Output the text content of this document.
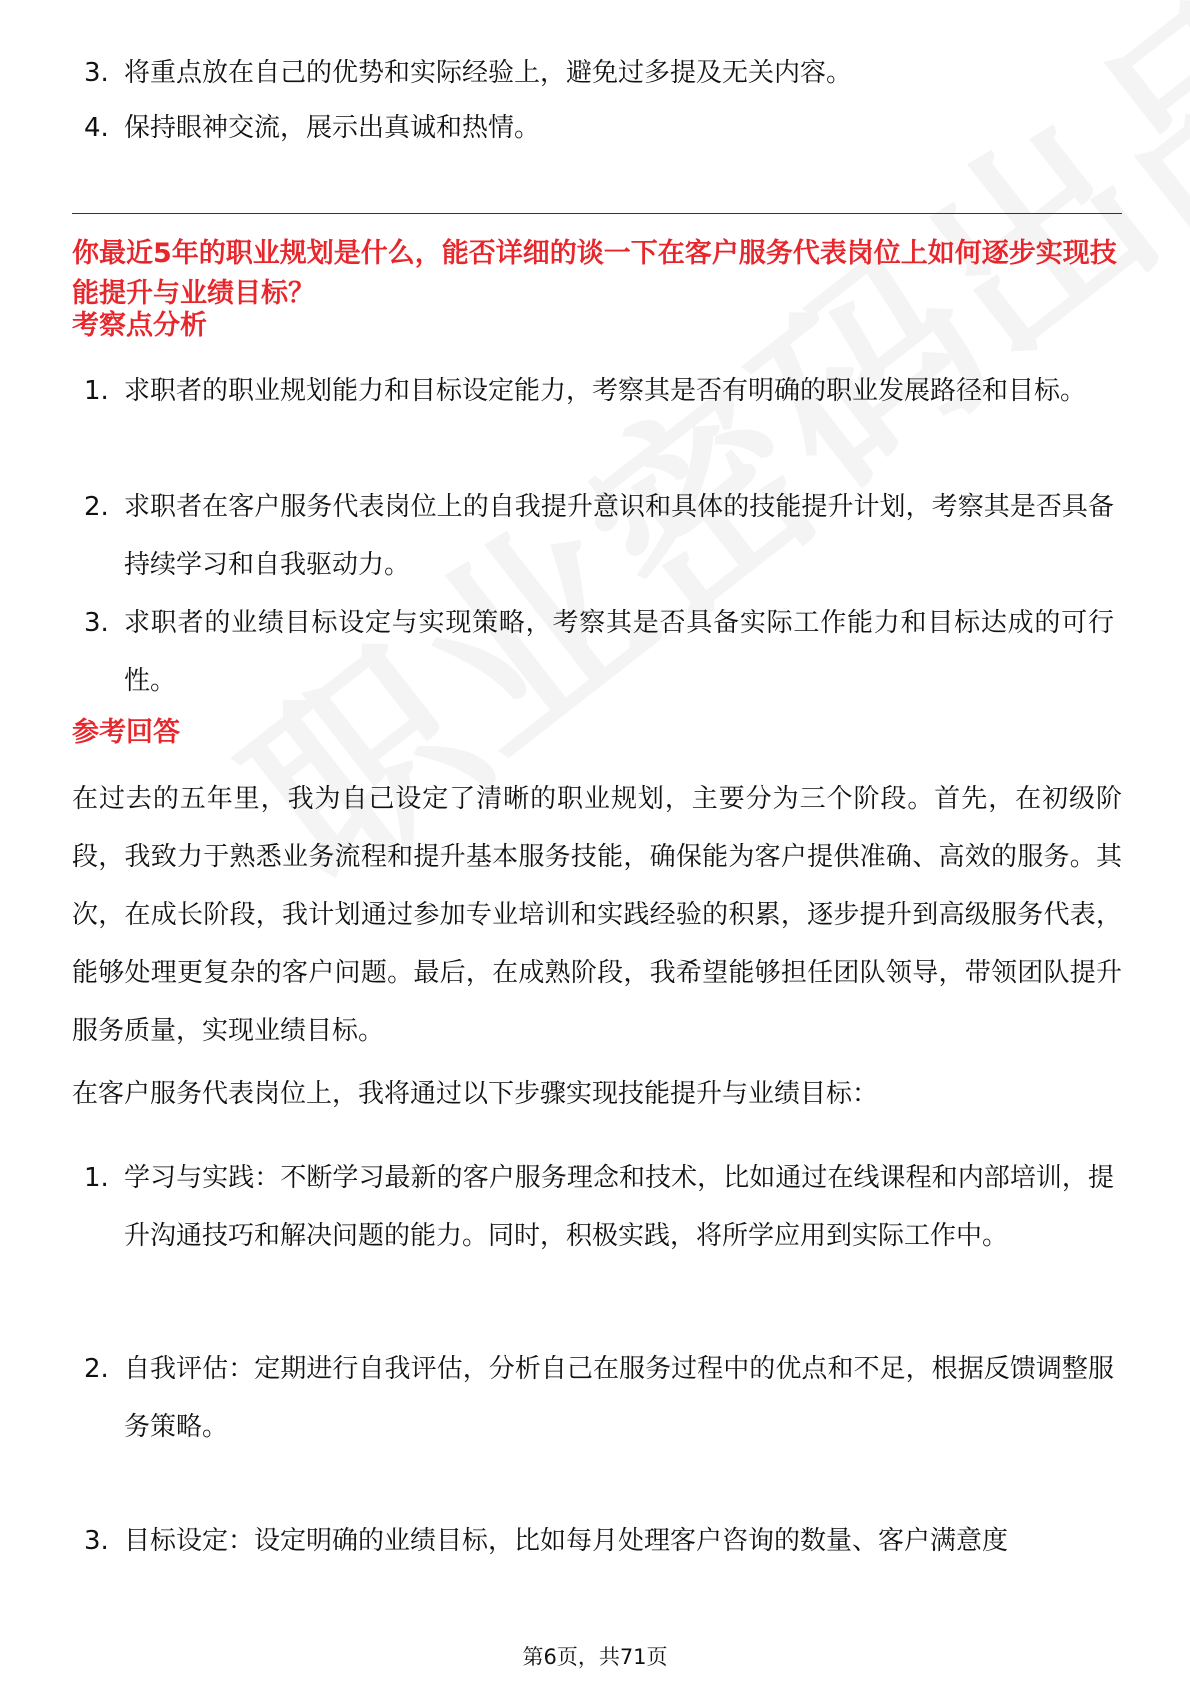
3. 将重点放在自己的优势和实际经验上，避免过多提及无关内容。
4. 保持眼神交流，展示出真诚和热情。
你最近5年的职业规划是什么，能否详细的谈一下在客户服务代表岗位上如何逐步实现技能提升与业绩目标？
考察点分析
1. 求职者的职业规划能力和目标设定能力，考察其是否有明确的职业发展路径和目标。
2. 求职者在客户服务代表岗位上的自我提升意识和具体的技能提升计划，考察其是否具备持续学习和自我驱动力。
3. 求职者的业绩目标设定与实现策略，考察其是否具备实际工作能力和目标达成的可行性。
参考回答
在过去的五年里，我为自己设定了清晰的职业规划，主要分为三个阶段。首先，在初级阶段，我致力于熟悉业务流程和提升基本服务技能，确保能为客户提供准确、高效的服务。其次，在成长阶段，我计划通过参加专业培训和实践经验的积累，逐步提升到高级服务代表，能够处理更复杂的客户问题。最后，在成熟阶段，我希望能够担任团队领导，带领团队提升服务质量，实现业绩目标。
在客户服务代表岗位上，我将通过以下步骤实现技能提升与业绩目标：
1. 学习与实践：不断学习最新的客户服务理念和技术，比如通过在线课程和内部培训，提升沟通技巧和解决问题的能力。同时，积极实践，将所学应用到实际工作中。
2. 自我评估：定期进行自我评估，分析自己在服务过程中的优点和不足，根据反馈调整服务策略。
3. 目标设定：设定明确的业绩目标，比如每月处理客户咨询的数量、客户满意度
第6页，共71页
